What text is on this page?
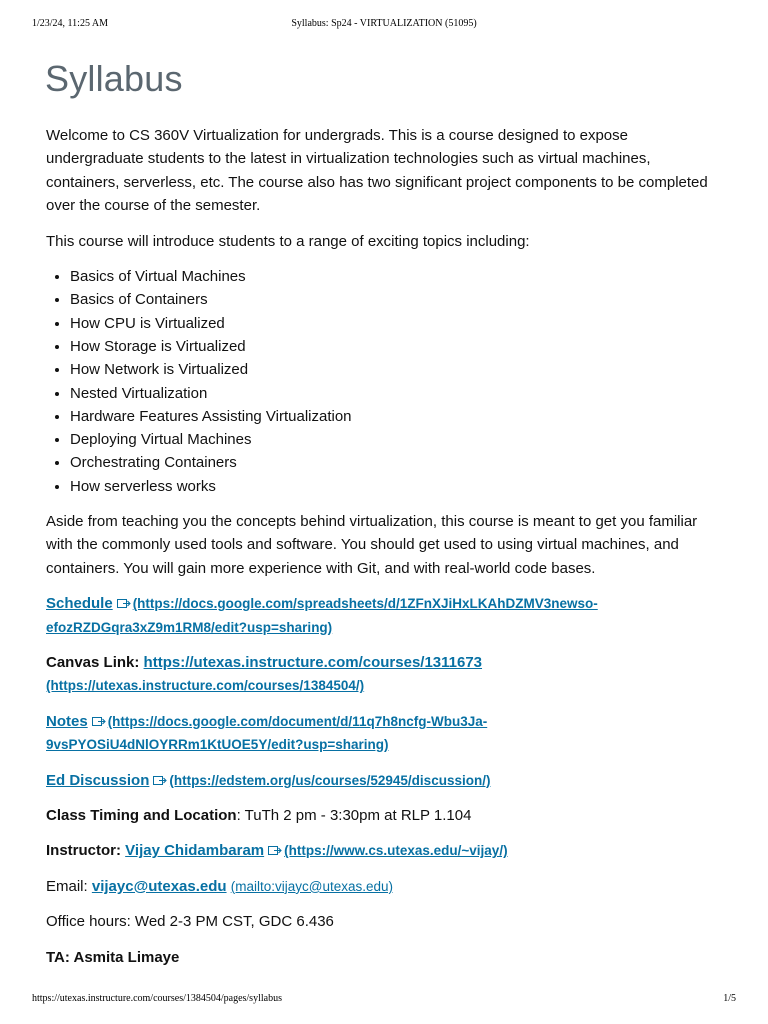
1/23/24, 11:25 AM	Syllabus: Sp24 - VIRTUALIZATION (51095)
Syllabus

Welcome to CS 360V Virtualization for undergrads. This is a course designed to expose undergraduate students to the latest in virtualization technologies such as virtual machines, containers, serverless, etc. The course also has two significant project components to be completed over the course of the semester.

This course will introduce students to a range of exciting topics including:

• Basics of Virtual Machines
• Basics of Containers
• How CPU is Virtualized
• How Storage is Virtualized
• How Network is Virtualized
• Nested Virtualization
• Hardware Features Assisting Virtualization
• Deploying Virtual Machines
• Orchestrating Containers
• How serverless works

Aside from teaching you the concepts behind virtualization, this course is meant to get you familiar with the commonly used tools and software. You should get used to using virtual machines, and containers. You will gain more experience with Git, and with real-world code bases.

Schedule (https://docs.google.com/spreadsheets/d/1ZFnXJiHxLKAhDZMV3newso-
efozRZDGqra3xZ9m1RM8/edit?usp=sharing)
Canvas Link: https://utexas.instructure.com/courses/1311673
(https://utexas.instructure.com/courses/1384504/)
Notes (https://docs.google.com/document/d/11q7h8ncfg-Wbu3Ja-
9vsPYOSiU4dNlOYRRm1KtUOE5Y/edit?usp=sharing)
Ed Discussion (https://edstem.org/us/courses/52945/discussion/)
Class Timing and Location: TuTh 2 pm - 3:30pm at RLP 1.104
Instructor: Vijay Chidambaram (https://www.cs.utexas.edu/~vijay/)
Email: vijayc@utexas.edu (mailto:vijayc@utexas.edu)
Office hours: Wed 2-3 PM CST, GDC 6.436
TA: Asmita Limaye
https://utexas.instructure.com/courses/1384504/pages/syllabus	1/5
